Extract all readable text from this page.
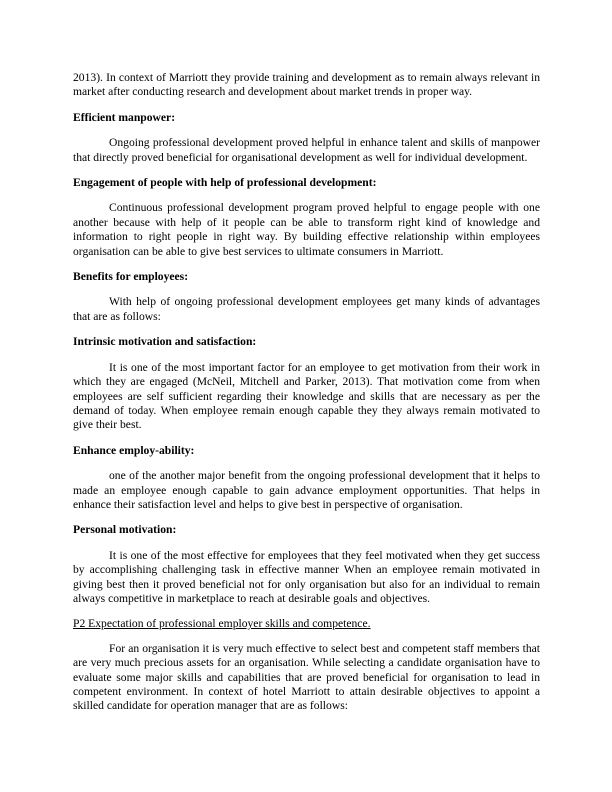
2013). In context of Marriott they provide training and development as to remain always relevant in market after conducting research and development about market trends in proper way.

Efficient manpower:

Ongoing professional development proved helpful in enhance talent and skills of manpower that directly proved beneficial for organisational development as well for individual development.

Engagement of people with help of professional development:

Continuous professional development program proved helpful to engage people with one another because with help of it people can be able to transform right kind of knowledge and information to right people in right way. By building effective relationship within employees organisation can be able to give best services to ultimate consumers in Marriott.

Benefits for employees:

With help of ongoing professional development employees get many kinds of advantages that are as follows:

Intrinsic motivation and satisfaction:

It is one of the most important factor for an employee to get motivation from their work in which they are engaged (McNeil, Mitchell and Parker, 2013). That motivation come from when employees are self sufficient regarding their knowledge and skills that are necessary as per the demand of today. When employee remain enough capable they they always remain motivated to give their best.

Enhance employ-ability:

one of the another major benefit from the ongoing professional development that it helps to made an employee enough capable to gain advance employment opportunities. That helps in enhance their satisfaction level and helps to give best in perspective of organisation.

Personal motivation:

It is one of the most effective for employees that they feel motivated when they get success by accomplishing challenging task in effective manner When an employee remain motivated in giving best then it proved beneficial not for only organisation but also for an individual to remain always competitive in marketplace to reach at desirable goals and objectives.

P2 Expectation of professional employer skills and competence.

For an organisation it is very much effective to select best and competent staff members that are very much precious assets for an organisation. While selecting a candidate organisation have to evaluate some major skills and capabilities that are proved beneficial for organisation to lead in competent environment. In context of hotel Marriott to attain desirable objectives to appoint a skilled candidate for operation manager that are as follows:
